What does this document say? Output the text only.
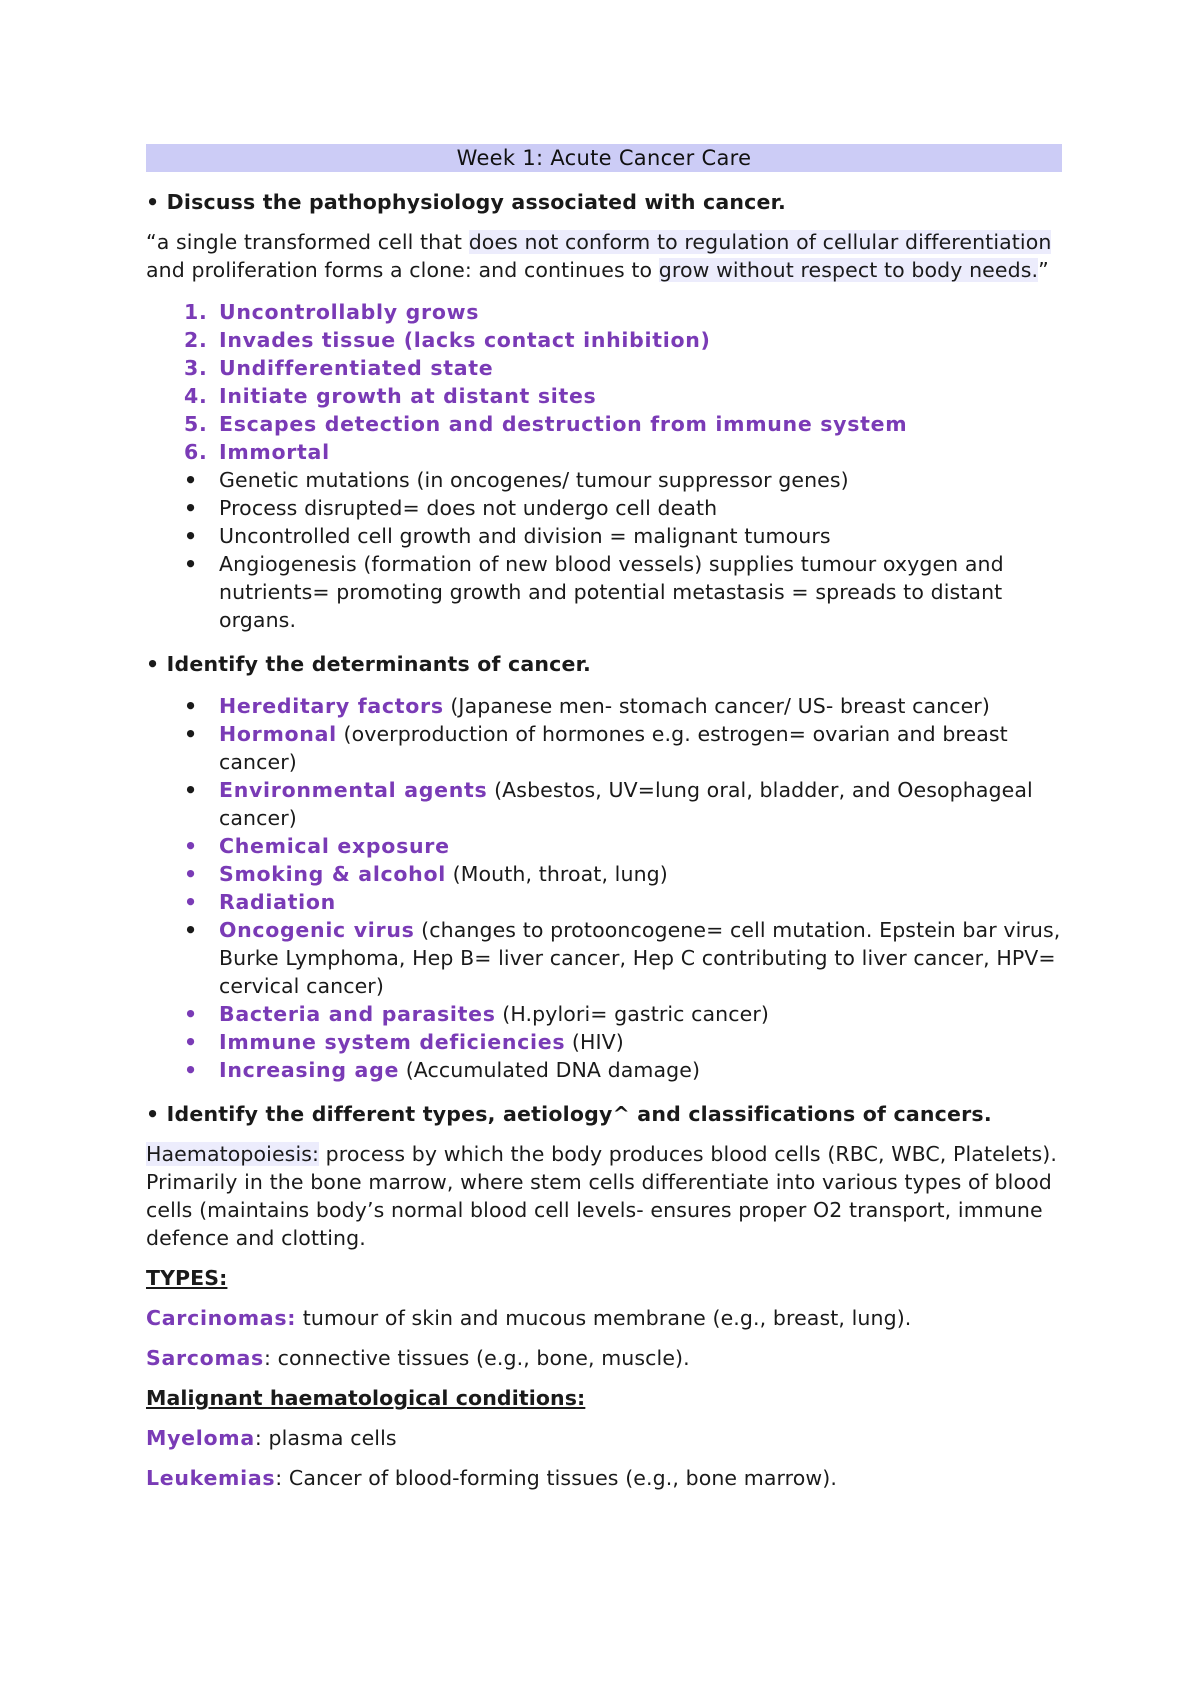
Week 1: Acute Cancer Care
• Discuss the pathophysiology associated with cancer.

“a single transformed cell that does not conform to regulation of cellular differentiation and proliferation forms a clone: and continues to grow without respect to body needs.”

1. Uncontrollably grows
2. Invades tissue (lacks contact inhibition)
3. Undifferentiated state
4. Initiate growth at distant sites
5. Escapes detection and destruction from immune system
6. Immortal
• Genetic mutations (in oncogenes/ tumour suppressor genes)
• Process disrupted= does not undergo cell death
• Uncontrolled cell growth and division = malignant tumours
• Angiogenesis (formation of new blood vessels) supplies tumour oxygen and nutrients= promoting growth and potential metastasis = spreads to distant organs.
• Identify the determinants of cancer.
• Hereditary factors (Japanese men- stomach cancer/ US- breast cancer)
• Hormonal (overproduction of hormones e.g. estrogen= ovarian and breast cancer)
• Environmental agents (Asbestos, UV=lung oral, bladder, and Oesophageal cancer)
• Chemical exposure
• Smoking & alcohol (Mouth, throat, lung)
• Radiation
• Oncogenic virus (changes to protooncogene= cell mutation. Epstein bar virus, Burke Lymphoma, Hep B= liver cancer, Hep C contributing to liver cancer, HPV= cervical cancer)
• Bacteria and parasites (H.pylori= gastric cancer)
• Immune system deficiencies (HIV)
• Increasing age (Accumulated DNA damage)
• Identify the different types, aetiology^ and classifications of cancers.

Haematopoiesis: process by which the body produces blood cells (RBC, WBC, Platelets). Primarily in the bone marrow, where stem cells differentiate into various types of blood cells (maintains body’s normal blood cell levels- ensures proper O2 transport, immune defence and clotting.

TYPES:

Carcinomas: tumour of skin and mucous membrane (e.g., breast, lung).

Sarcomas: connective tissues (e.g., bone, muscle).

Malignant haematological conditions:

Myeloma: plasma cells

Leukemias: Cancer of blood-forming tissues (e.g., bone marrow).
